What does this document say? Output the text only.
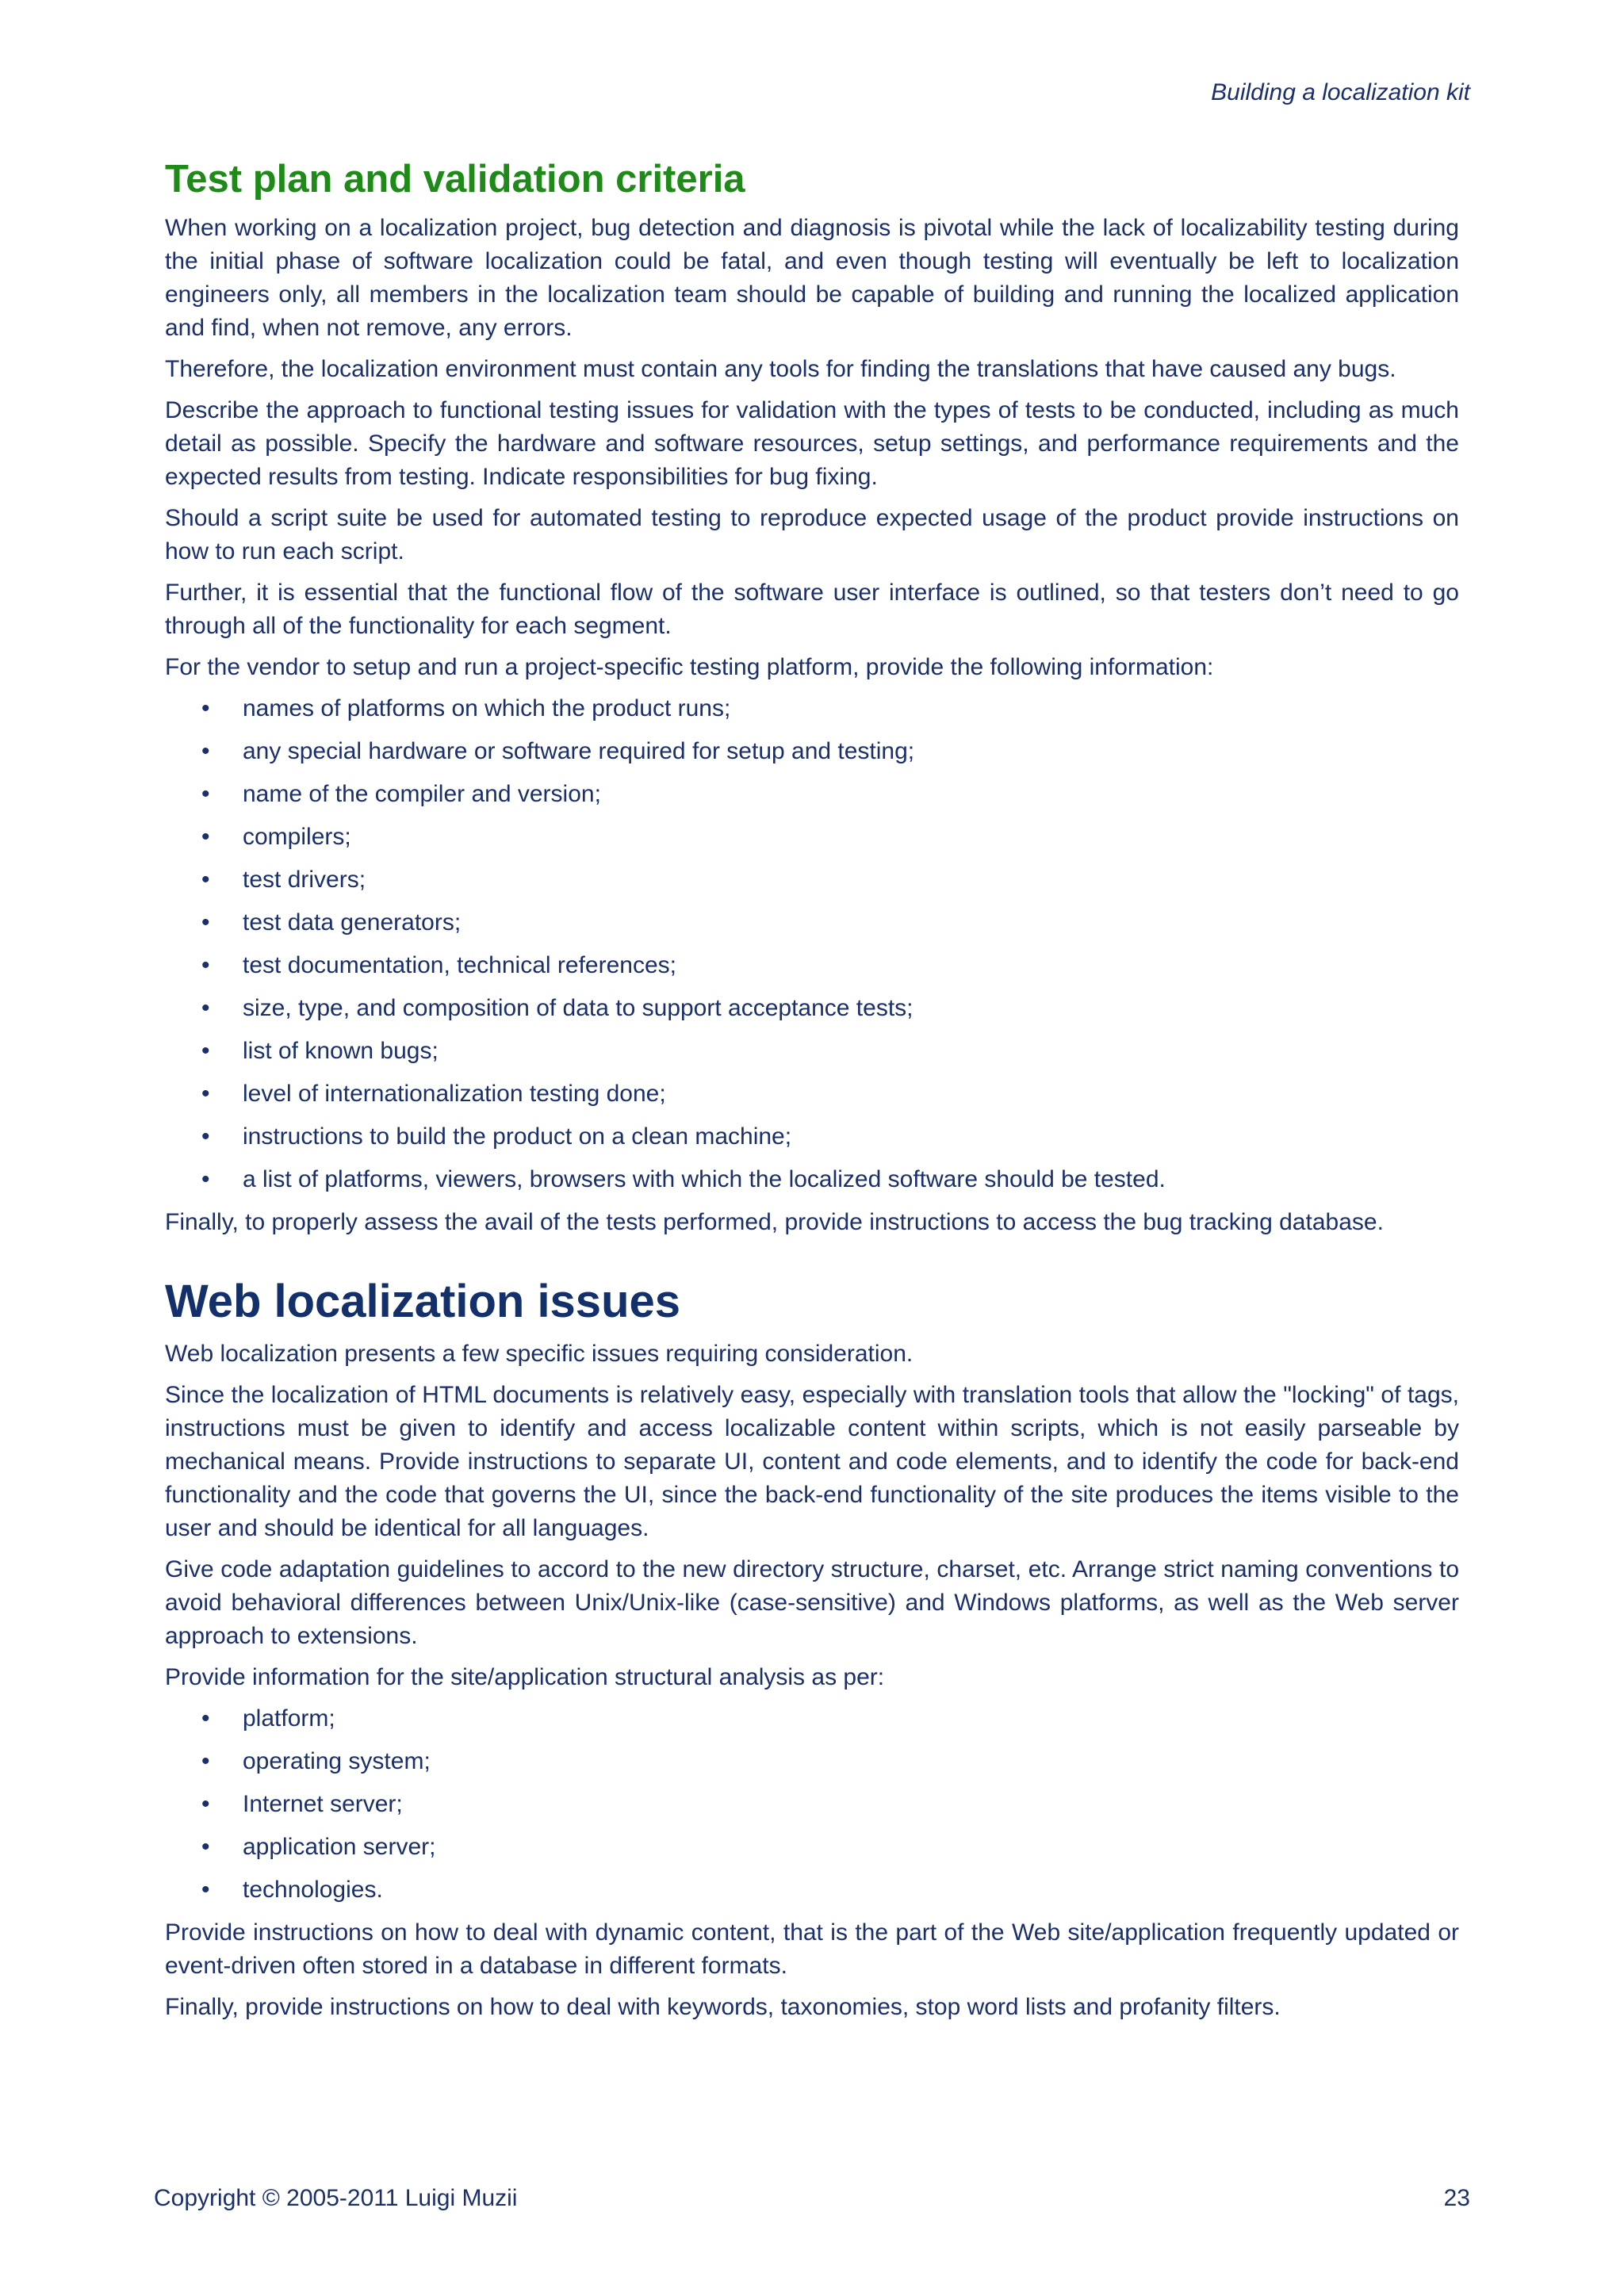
Building a localization kit
Test plan and validation criteria

When working on a localization project, bug detection and diagnosis is pivotal while the lack of localizability testing during the initial phase of software localization could be fatal, and even though testing will eventually be left to localization engineers only, all members in the localization team should be capable of building and running the localized application and find, when not remove, any errors.

Therefore, the localization environment must contain any tools for finding the translations that have caused any bugs.

Describe the approach to functional testing issues for validation with the types of tests to be conducted, including as much detail as possible. Specify the hardware and software resources, setup settings, and performance requirements and the expected results from testing. Indicate responsibilities for bug fixing.

Should a script suite be used for automated testing to reproduce expected usage of the product provide instructions on how to run each script.

Further, it is essential that the functional flow of the software user interface is outlined, so that testers don’t need to go through all of the functionality for each segment.

For the vendor to setup and run a project-specific testing platform, provide the following information:

• names of platforms on which the product runs;
• any special hardware or software required for setup and testing;
• name of the compiler and version;
• compilers;
• test drivers;
• test data generators;
• test documentation, technical references;
• size, type, and composition of data to support acceptance tests;
• list of known bugs;
• level of internationalization testing done;
• instructions to build the product on a clean machine;
• a list of platforms, viewers, browsers with which the localized software should be tested.

Finally, to properly assess the avail of the tests performed, provide instructions to access the bug tracking database.

Web localization issues

Web localization presents a few specific issues requiring consideration.

Since the localization of HTML documents is relatively easy, especially with translation tools that allow the "locking" of tags, instructions must be given to identify and access localizable content within scripts, which is not easily parseable by mechanical means. Provide instructions to separate UI, content and code elements, and to identify the code for back-end functionality and the code that governs the UI, since the back-end functionality of the site produces the items visible to the user and should be identical for all languages.

Give code adaptation guidelines to accord to the new directory structure, charset, etc. Arrange strict naming conventions to avoid behavioral differences between Unix/Unix-like (case-sensitive) and Windows platforms, as well as the Web server approach to extensions.

Provide information for the site/application structural analysis as per:

• platform;
• operating system;
• Internet server;
• application server;
• technologies.

Provide instructions on how to deal with dynamic content, that is the part of the Web site/application frequently updated or event-driven often stored in a database in different formats.

Finally, provide instructions on how to deal with keywords, taxonomies, stop word lists and profanity filters.

Copyright © 2005-2011 Luigi Muzii	23
